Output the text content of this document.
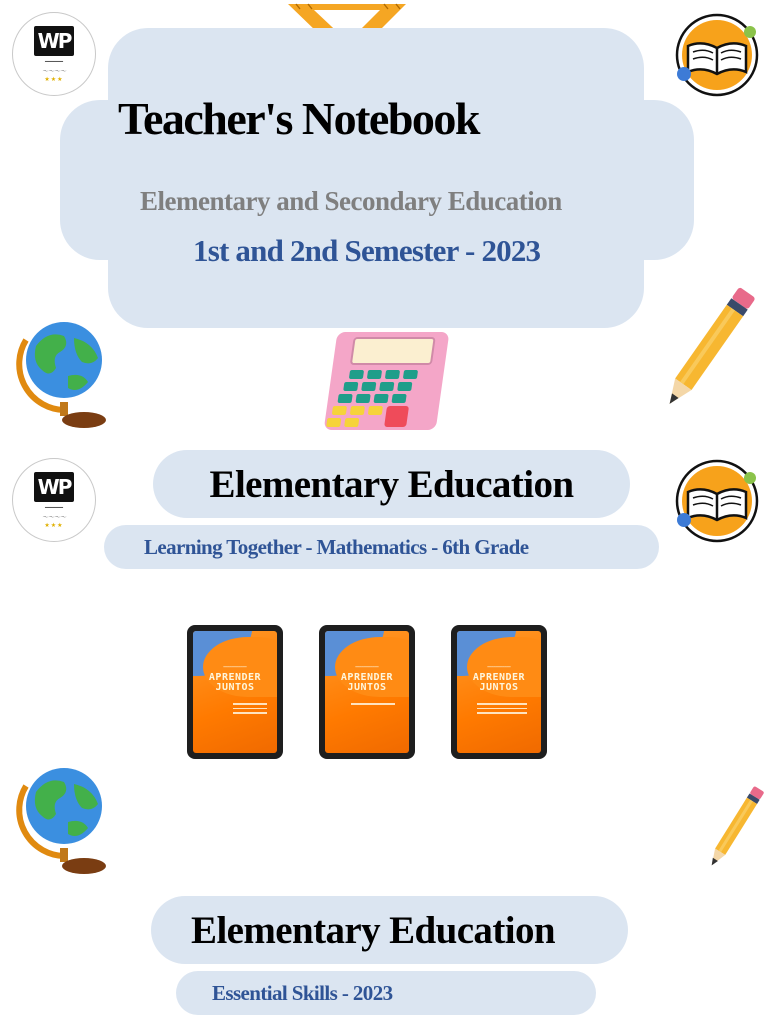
Teacher's Notebook
Elementary and Secondary Education
1st and 2nd Semester - 2023
WP
━━━━━━
～～～～
★★★
WP
━━━━━━
～～～～
★★★
Elementary Education
Learning Together - Mathematics - 6th Grade
━━━━━━━━━━━
APRENDER
JUNTOS
━━━━━━━━━━━
APRENDER
JUNTOS
━━━━━━━━━━━
APRENDER
JUNTOS
Elementary Education
Essential Skills - 2023
